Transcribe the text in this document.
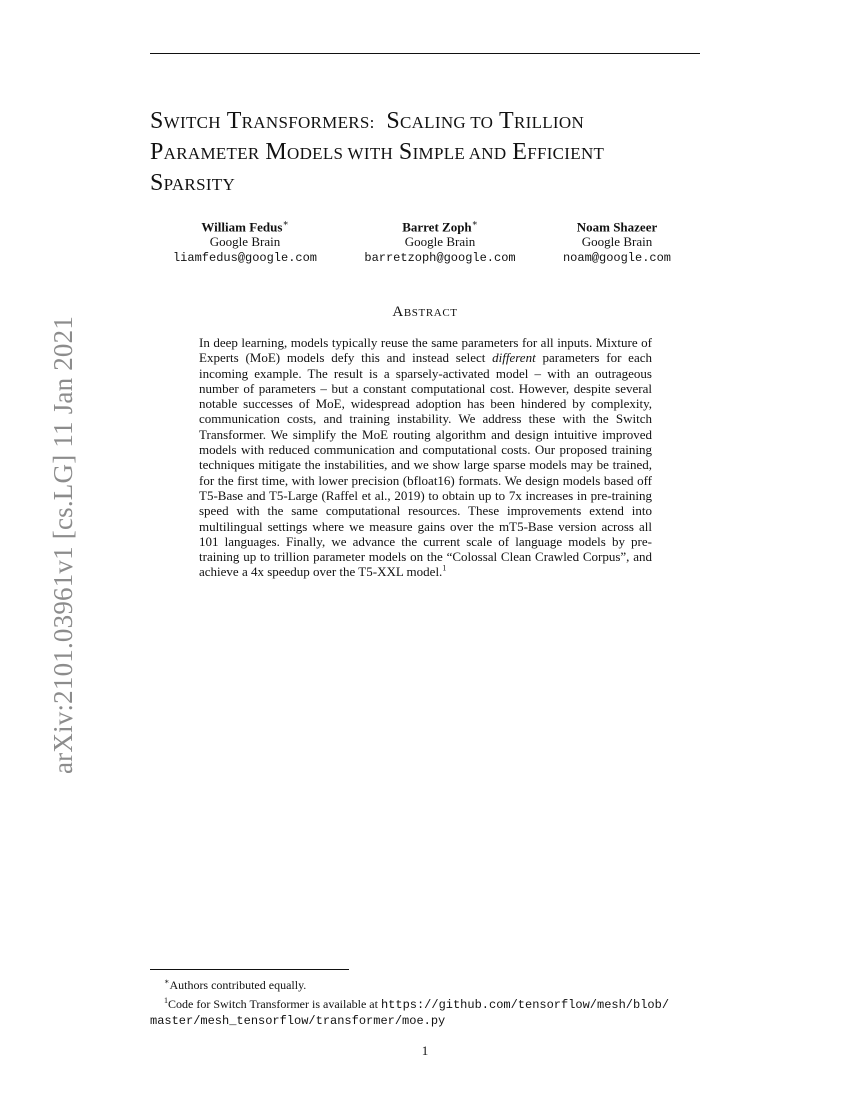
arXiv:2101.03961v1 [cs.LG] 11 Jan 2021
SWITCH TRANSFORMERS: SCALING TO TRILLION
PARAMETER MODELS WITH SIMPLE AND EFFICIENT
SPARSITY
William Fedus∗
Google Brain
liamfedus@google.com
Barret Zoph∗
Google Brain
barretzoph@google.com
Noam Shazeer
Google Brain
noam@google.com
ABSTRACT
In deep learning, models typically reuse the same parameters for all inputs. Mixture of Experts (MoE) models defy this and instead select different parameters for each incoming example. The result is a sparsely-activated model – with an outrageous number of parameters – but a constant computational cost. However, despite several notable successes of MoE, widespread adoption has been hindered by complexity, communication costs, and training instability. We address these with the Switch Transformer. We simplify the MoE routing algorithm and design intuitive improved models with reduced communication and computational costs. Our proposed training techniques mitigate the instabilities, and we show large sparse models may be trained, for the first time, with lower precision (bfloat16) formats. We design models based off T5-Base and T5-Large (Raffel et al., 2019) to obtain up to 7x increases in pre-training speed with the same computational resources. These improvements extend into multilingual settings where we measure gains over the mT5-Base version across all 101 languages. Finally, we advance the current scale of language models by pre-training up to trillion parameter models on the “Colossal Clean Crawled Corpus”, and achieve a 4x speedup over the T5-XXL model.$^1$
∗Authors contributed equally.
$^1$Code for Switch Transformer is available at https://github.com/tensorflow/mesh/blob/
master/mesh_tensorflow/transformer/moe.py
1
